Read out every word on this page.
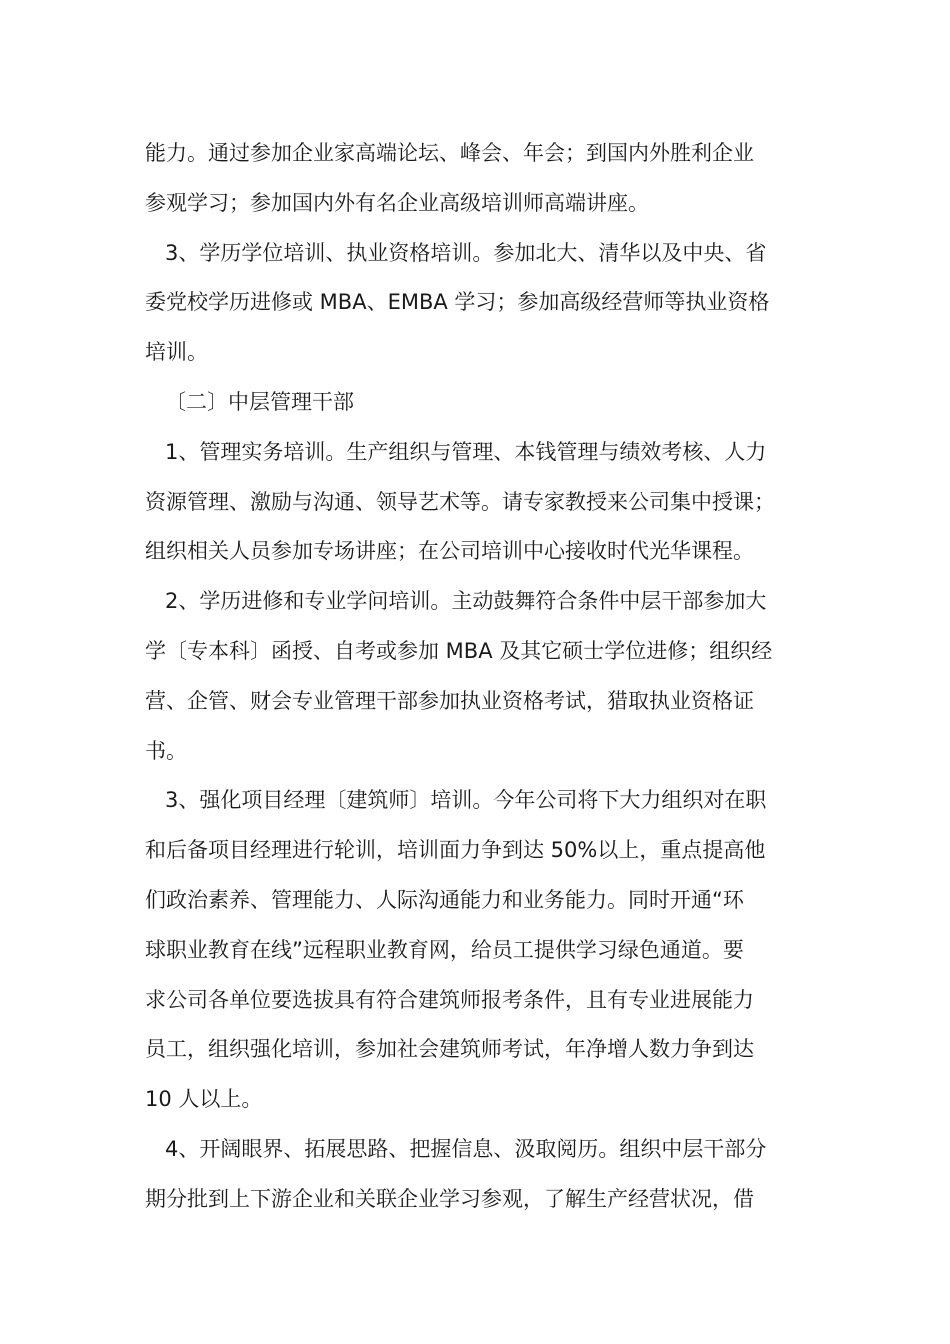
能力。通过参加企业家高端论坛、峰会、年会；到国内外胜利企业
参观学习；参加国内外有名企业高级培训师高端讲座。
3、学历学位培训、执业资格培训。参加北大、清华以及中央、省
委党校学历进修或 MBA、EMBA 学习；参加高级经营师等执业资格
培训。
〔二〕中层管理干部
1、管理实务培训。生产组织与管理、本钱管理与绩效考核、人力
资源管理、激励与沟通、领导艺术等。请专家教授来公司集中授课；
组织相关人员参加专场讲座；在公司培训中心接收时代光华课程。
2、学历进修和专业学问培训。主动鼓舞符合条件中层干部参加大
学〔专本科〕函授、自考或参加 MBA 及其它硕士学位进修；组织经
营、企管、财会专业管理干部参加执业资格考试，猎取执业资格证
书。
3、强化项目经理〔建筑师〕培训。今年公司将下大力组织对在职
和后备项目经理进行轮训，培训面力争到达 50%以上，重点提高他
们政治素养、管理能力、人际沟通能力和业务能力。同时开通“环
球职业教育在线”远程职业教育网，给员工提供学习绿色通道。要
求公司各单位要选拔具有符合建筑师报考条件，且有专业进展能力
员工，组织强化培训，参加社会建筑师考试，年净增人数力争到达
10 人以上。
4、开阔眼界、拓展思路、把握信息、汲取阅历。组织中层干部分
期分批到上下游企业和关联企业学习参观，了解生产经营状况，借
